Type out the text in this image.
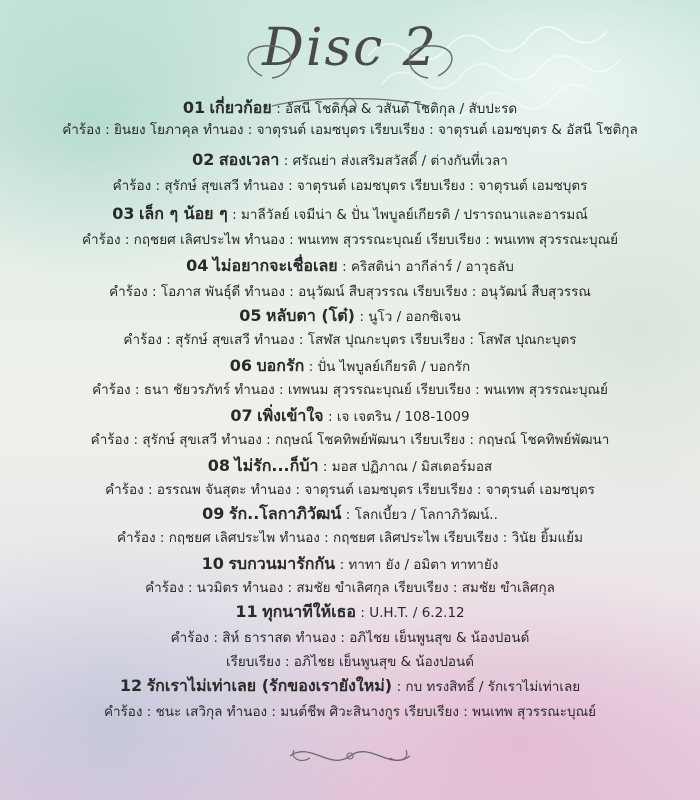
Disc 2
01 เกี่ยวก้อย : อัสนี โชติกุล & วสันต์ โชติกุล / สับปะรด
คำร้อง : ยินยง โยภาคุล ทำนอง : จาตุรนต์ เอมซบุตร เรียบเรียง : จาตุรนต์ เอมซบุตร & อัสนี โชติกุล
02 สองเวลา : ศรัณย่า ส่งเสริมสวัสดิ์ / ต่างกันที่เวลา
คำร้อง : สุรักษ์ สุขเสวี ทำนอง : จาตุรนต์ เอมซบุตร เรียบเรียง : จาตุรนต์ เอมซบุตร
03 เล็ก ๆ น้อย ๆ : มาลีวัลย์ เจมีน่า & ปั่น ไพบูลย์เกียรติ / ปรารถนาและอารมณ์
คำร้อง : กฤชยศ เลิศประไพ ทำนอง : พนเทพ สุวรรณะบุณย์ เรียบเรียง : พนเทพ สุวรรณะบุณย์
04 ไม่อยากจะเชื่อเลย : คริสติน่า อากีล่าร์ / อาวุธลับ
คำร้อง : โอภาส พันธุ์ดี ทำนอง : อนุวัฒน์ สืบสุวรรณ เรียบเรียง : อนุวัฒน์ สืบสุวรรณ
05 หลับตา (โต๋) : นูโว / ออกซิเจน
คำร้อง : สุรักษ์ สุขเสวี ทำนอง : โสฬส ปุณกะบุตร เรียบเรียง : โสฬส ปุณกะบุตร
06 บอกรัก : ปั่น ไพบูลย์เกียรติ / บอกรัก
คำร้อง : ธนา ชัยวรภัทร์ ทำนอง : เทพนม สุวรรณะบุณย์ เรียบเรียง : พนเทพ สุวรรณะบุณย์
07 เพิ่งเข้าใจ : เจ เจตริน / 108-1009
คำร้อง : สุรักษ์ สุขเสวี ทำนอง : กฤษณ์ โชคทิพย์พัฒนา เรียบเรียง : กฤษณ์ โชคทิพย์พัฒนา
08 ไม่รัก...ก็บ้า : มอส ปฏิภาณ / มิสเตอร์มอส
คำร้อง : อรรณพ จันสุตะ ทำนอง : จาตุรนต์ เอมซบุตร เรียบเรียง : จาตุรนต์ เอมซบุตร
09 รัก..โลกาภิวัฒน์ : โลกเบี้ยว / โลกาภิวัฒน์..
คำร้อง : กฤชยศ เลิศประไพ ทำนอง : กฤชยศ เลิศประไพ เรียบเรียง : วินัย ยิ้มแย้ม
10 รบกวนมารักกัน : ทาทา ยัง / อมิตา ทาทายัง
คำร้อง : นวมิตร ทำนอง : สมชัย ขำเลิศกุล เรียบเรียง : สมชัย ขำเลิศกุล
11 ทุกนาทีให้เธอ : U.H.T. / 6.2.12
คำร้อง : สิห์ ธาราสด ทำนอง : อภิไชย เย็นพูนสุข & น้องปอนด์
เรียบเรียง : อภิไชย เย็นพูนสุข & น้องปอนด์
12 รักเราไม่เท่าเลย (รักของเรายังใหม่) : กบ ทรงสิทธิ์ / รักเราไม่เท่าเลย
คำร้อง : ชนะ เสวิกุล ทำนอง : มนต์ชีพ ศิวะสินางกูร เรียบเรียง : พนเทพ สุวรรณะบุณย์
